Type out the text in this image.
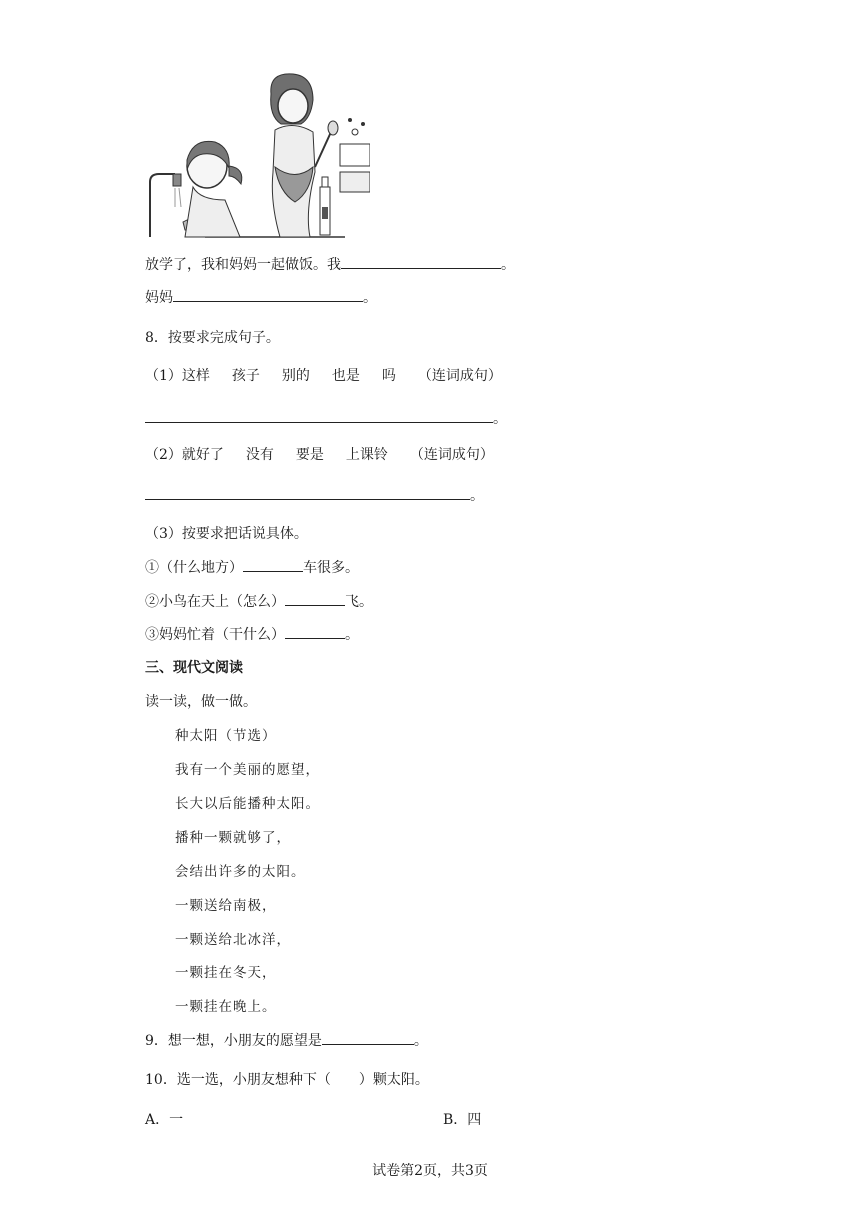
放学了，我和妈妈一起做饭。我	。
妈妈	。
8．按要求完成句子。
（1）这样 孩子 别的 也是 吗 （连词成句）
。
（2）就好了 没有 要是 上课铃 （连词成句）
。
（3）按要求把话说具体。
①（什么地方）	车很多。
②小鸟在天上（怎么）	飞。
③妈妈忙着（干什么）	。
三、现代文阅读
读一读，做一做。
种太阳（节选）
我有一个美丽的愿望，
长大以后能播种太阳。
播种一颗就够了，
会结出许多的太阳。
一颗送给南极，
一颗送给北冰洋，
一颗挂在冬天，
一颗挂在晚上。
9．想一想，小朋友的愿望是	。
10．选一选，小朋友想种下（　　）颗太阳。
A．一	B．四
试卷第2页，共3页
